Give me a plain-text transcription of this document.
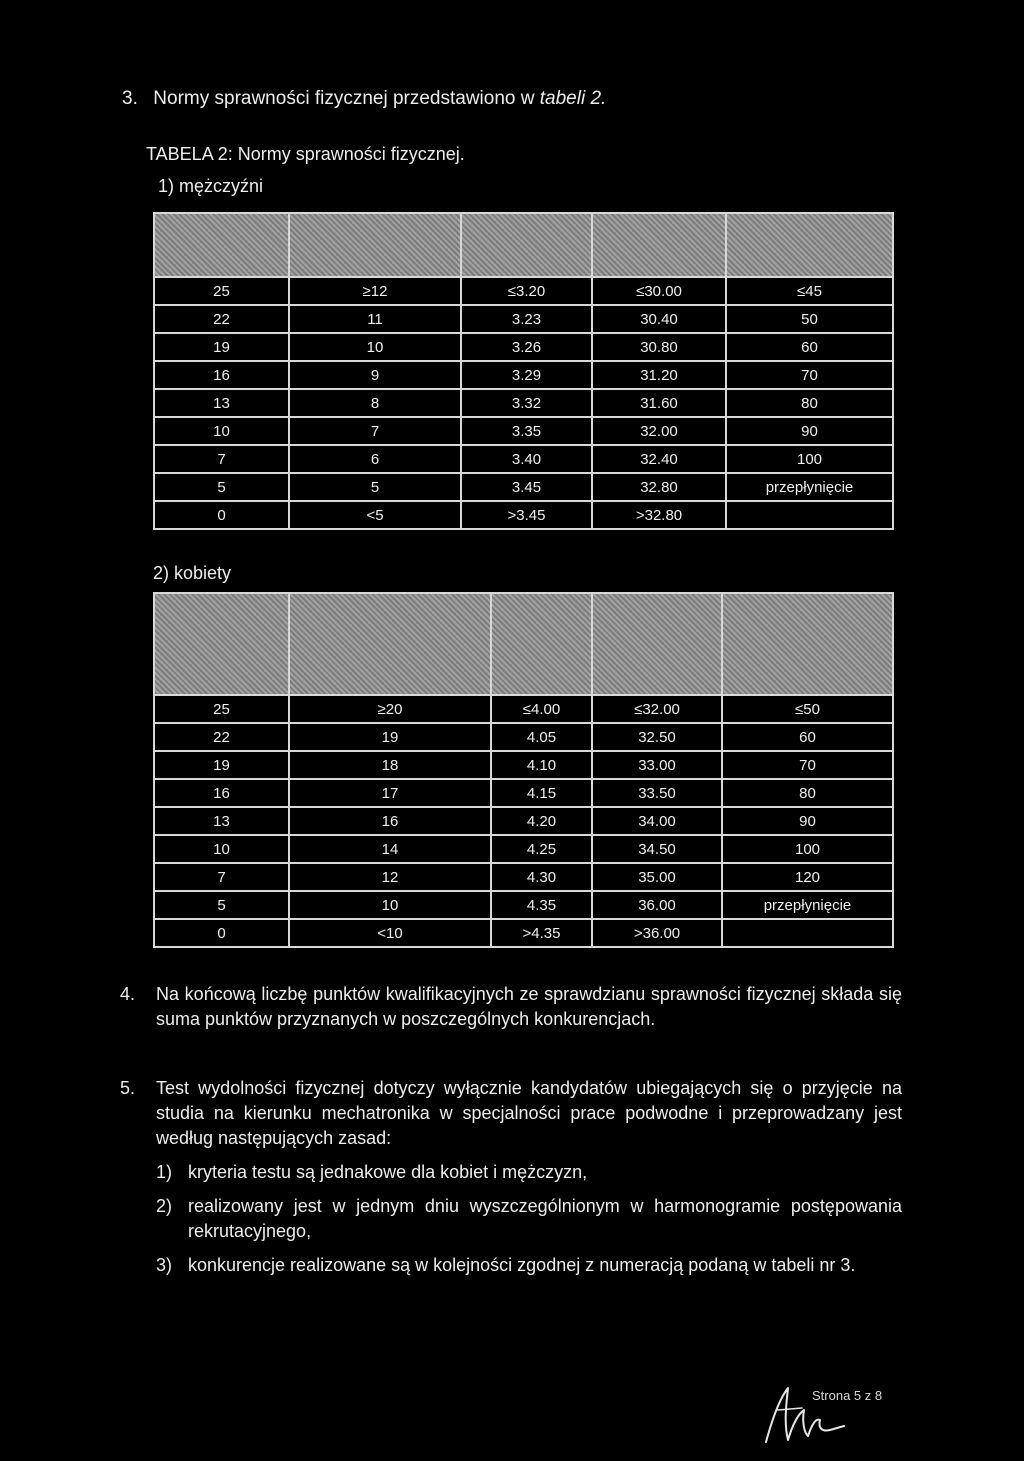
3. Normy sprawności fizycznej przedstawiono w tabeli 2.
TABELA 2: Normy sprawności fizycznej.
1) mężczyźni

25	≥12	≤3.20	≤30.00	≤45
22	11	3.23	30.40	50
19	10	3.26	30.80	60
16	9	3.29	31.20	70
13	8	3.32	31.60	80
10	7	3.35	32.00	90
7	6	3.40	32.40	100
5	5	3.45	32.80	przepłynięcie
0	<5	>3.45	>32.80	
2) kobiety

25	≥20	≤4.00	≤32.00	≤50
22	19	4.05	32.50	60
19	18	4.10	33.00	70
16	17	4.15	33.50	80
13	16	4.20	34.00	90
10	14	4.25	34.50	100
7	12	4.30	35.00	120
5	10	4.35	36.00	przepłynięcie
0	<10	>4.35	>36.00	
4. Na końcową liczbę punktów kwalifikacyjnych ze sprawdzianu sprawności fizycznej składa się suma punktów przyznanych w poszczególnych konkurencjach.
5. Test wydolności fizycznej dotyczy wyłącznie kandydatów ubiegających się o przyjęcie na studia na kierunku mechatronika w specjalności prace podwodne i przeprowadzany jest według następujących zasad:
1) kryteria testu są jednakowe dla kobiet i mężczyzn,
2) realizowany jest w jednym dniu wyszczególnionym w harmonogramie postępowania rekrutacyjnego,
3) konkurencje realizowane są w kolejności zgodnej z numeracją podaną w tabeli nr 3.
Strona 5 z 8
